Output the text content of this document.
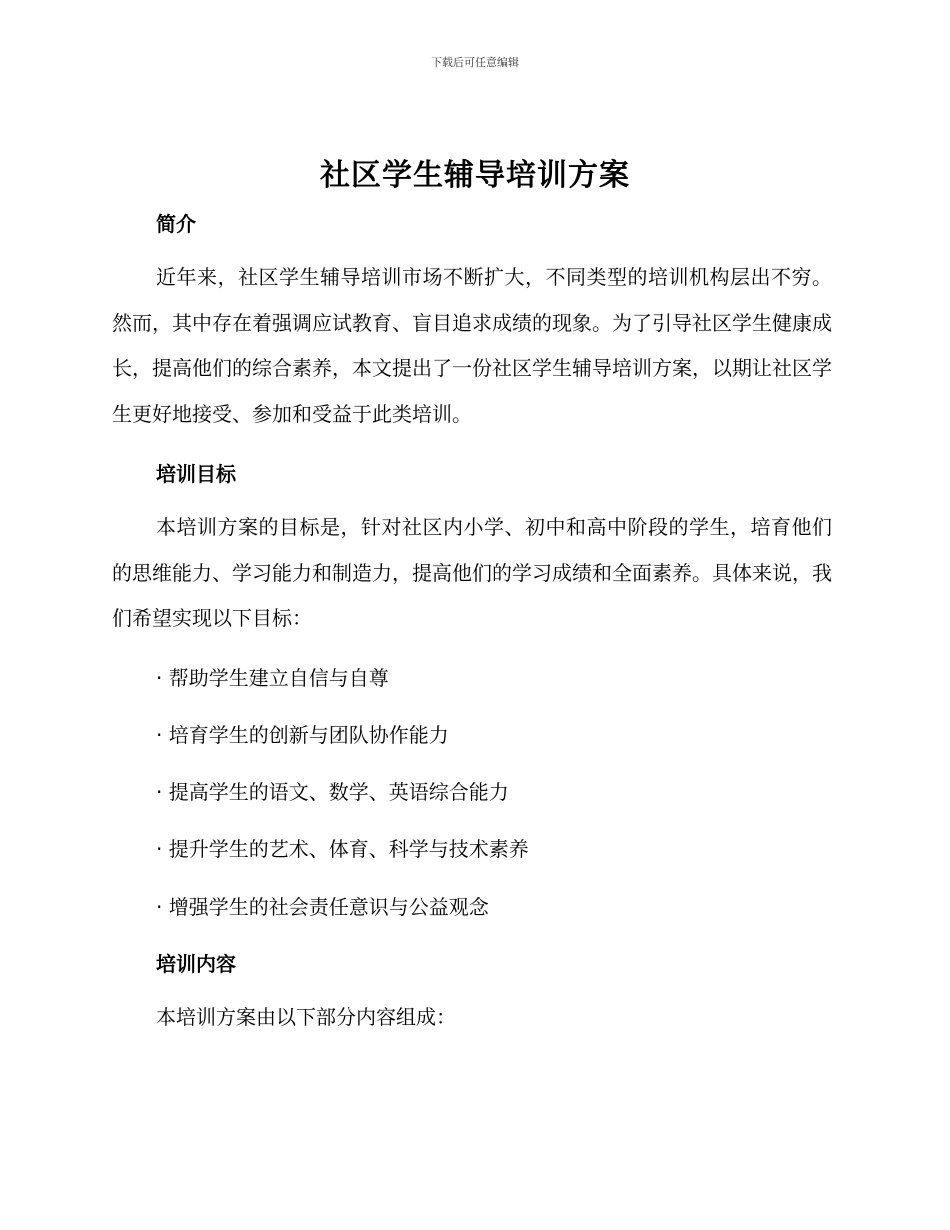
下载后可任意编辑
社区学生辅导培训方案
简介

近年来，社区学生辅导培训市场不断扩大，不同类型的培训机构层出不穷。然而，其中存在着强调应试教育、盲目追求成绩的现象。为了引导社区学生健康成长，提高他们的综合素养，本文提出了一份社区学生辅导培训方案，以期让社区学生更好地接受、参加和受益于此类培训。

培训目标

本培训方案的目标是，针对社区内小学、初中和高中阶段的学生，培育他们的思维能力、学习能力和制造力，提高他们的学习成绩和全面素养。具体来说，我们希望实现以下目标：

· 帮助学生建立自信与自尊
· 培育学生的创新与团队协作能力
· 提高学生的语文、数学、英语综合能力
· 提升学生的艺术、体育、科学与技术素养
· 增强学生的社会责任意识与公益观念
培训内容

本培训方案由以下部分内容组成：
